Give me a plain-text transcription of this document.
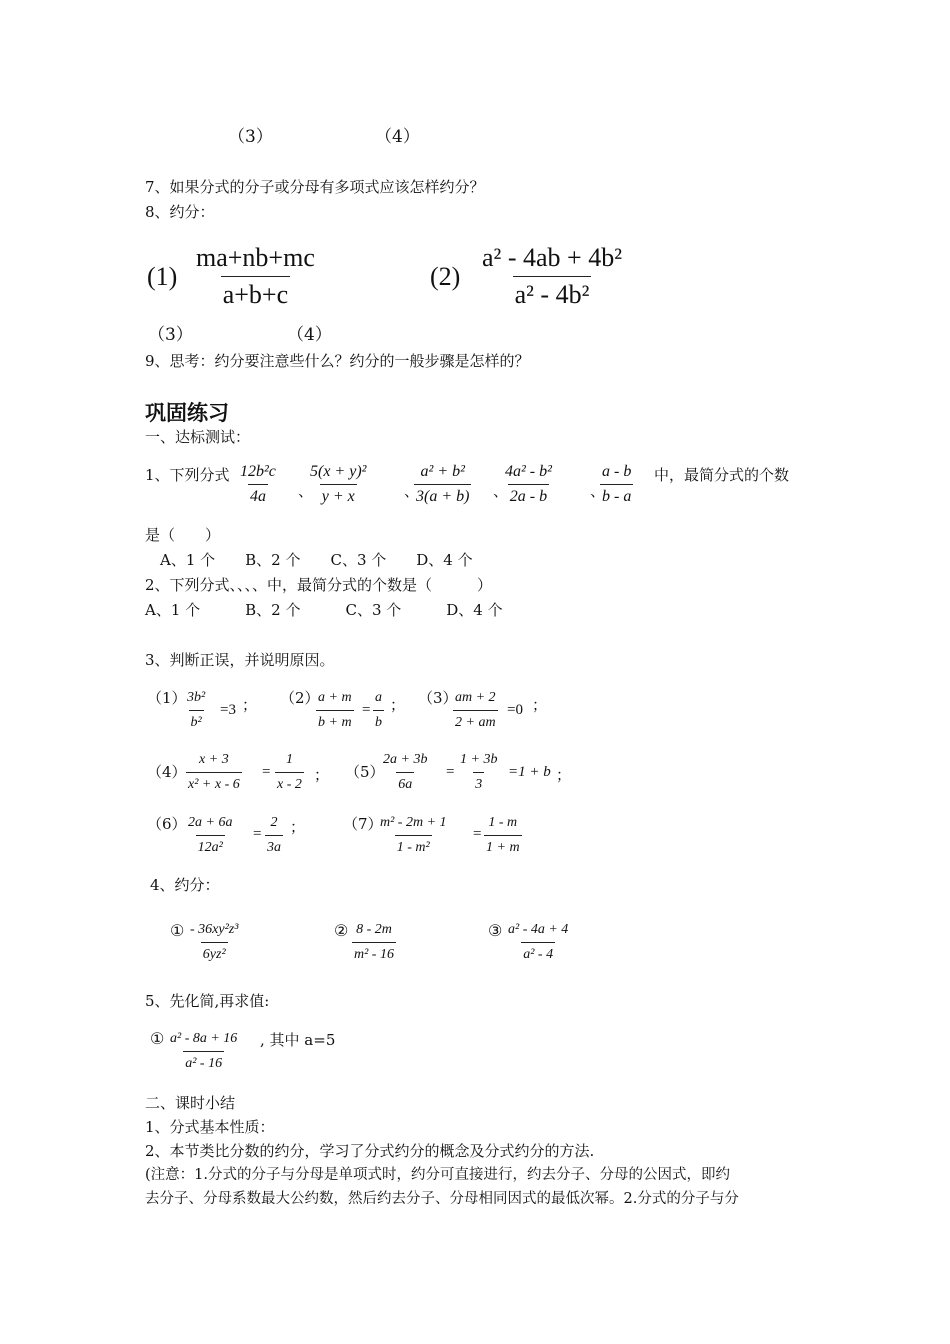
（3）	（4）
7、如果分式的分子或分母有多项式应该怎样约分？
8、约分：
$(1) \frac{ma+nb+mc}{a+b+c}$	$(2) \frac{\text{a² - 4ab + 4b²}}{\text{a² - 4b²}}$
（3）	（4）
9、思考：约分要注意些什么？约分的一般步骤是怎样的？
巩固练习
一、达标测试：
1、下列分式 $\frac{\text{12b²c}}{4a}$ 、
$\frac{\text{5(x + y)²}}{y + x}$ 、
$\frac{\text{a² + b²}}{3(a + b)}$ 、
$\frac{\text{4a² - b²}}{2a - b}$ 、
$\frac{a - b}{b - a}$ 中，最简分式的个数
是（　　）
A、1 个　　B、2 个　　C、3 个　　D、4 个
2、下列分式、、、、中，最简分式的个数是（　　　）
A、1 个　　　B、2 个　　　C、3 个　　　D、4 个
3、判断正误，并说明原因。
（1）
$\frac{\text{3b²}}{\text{b²}} =3$ ； （2）
$\frac{a + m}{b + m} = \frac{a}{b}$ ； （3）
$\frac{am + 2}{2 + am} =0$ ；
$(4) \frac{x + 3}{\text{x² + x - 6}} = \frac{1}{x - 2}$ ； （5）
$\frac{2a + 3b}{6a} = \frac{1 + 3b}{3} =1 + b$ ；
$(6) \frac{2a + 6a}{\text{12a²}} = \frac{2}{3a}$ ；	（7）
$\frac{\text{m² - 2m + 1}}{\text{1 - m²}} = \frac{1 - m}{1 + m}$
4、约分：
① $\frac{\text{- 36xy²z³}}{\text{6yz²}}$	② $\frac{8 - 2m}{\text{m² - 16}}$	③ $\frac{\text{a² - 4a + 4}}{\text{a² - 4}}$
5、先化简,再求值:
① $\frac{\text{a² - 8a + 16}}{\text{a² - 16}}$ , 其中 a=5
二、课时小结
1、分式基本性质：
2、本节类比分数的约分，学习了分式约分的概念及分式约分的方法.
(注意：1.分式的分子与分母是单项式时，约分可直接进行，约去分子、分母的公因式，即约
去分子、分母系数最大公约数，然后约去分子、分母相同因式的最低次幂。2.分式的分子与分
